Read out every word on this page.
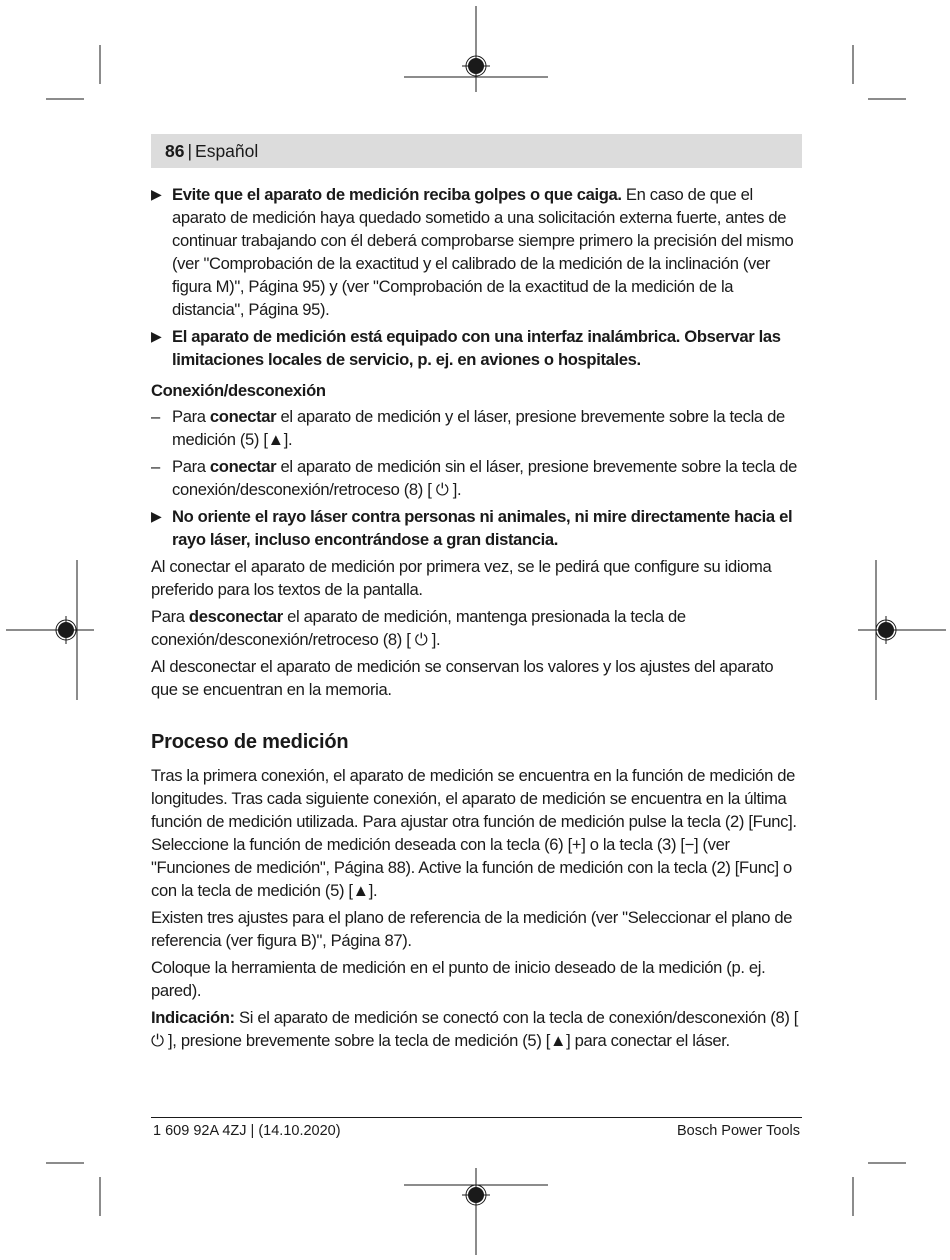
86 | Español
▶ Evite que el aparato de medición reciba golpes o que caiga. En caso de que el aparato de medición haya quedado sometido a una solicitación externa fuerte, antes de continuar trabajando con él deberá comprobarse siempre primero la precisión del mismo (ver "Comprobación de la exactitud y el calibrado de la medición de la inclinación (ver figura M)", Página 95) y (ver "Comprobación de la exactitud de la medición de la distancia", Página 95).
▶ El aparato de medición está equipado con una interfaz inalámbrica. Observar las limitaciones locales de servicio, p. ej. en aviones o hospitales.
Conexión/desconexión
– Para conectar el aparato de medición y el láser, presione brevemente sobre la tecla de medición (5) [▲].
– Para conectar el aparato de medición sin el láser, presione brevemente sobre la tecla de conexión/desconexión/retroceso (8) [ ⏻ ].
▶ No oriente el rayo láser contra personas ni animales, ni mire directamente hacia el rayo láser, incluso encontrándose a gran distancia.

Al conectar el aparato de medición por primera vez, se le pedirá que configure su idioma preferido para los textos de la pantalla.

Para desconectar el aparato de medición, mantenga presionada la tecla de conexión/desconexión/retroceso (8) [ ⏻ ].

Al desconectar el aparato de medición se conservan los valores y los ajustes del aparato que se encuentran en la memoria.

Proceso de medición

Tras la primera conexión, el aparato de medición se encuentra en la función de medición de longitudes. Tras cada siguiente conexión, el aparato de medición se encuentra en la última función de medición utilizada. Para ajustar otra función de medición pulse la tecla (2) [Func]. Seleccione la función de medición deseada con la tecla (6) [+] o la tecla (3) [−] (ver "Funciones de medición", Página 88). Active la función de medición con la tecla (2) [Func] o con la tecla de medición (5) [▲].

Existen tres ajustes para el plano de referencia de la medición (ver "Seleccionar el plano de referencia (ver figura B)", Página 87).

Coloque la herramienta de medición en el punto de inicio deseado de la medición (p. ej. pared).

Indicación: Si el aparato de medición se conectó con la tecla de conexión/desconexión (8) [ ⏻ ], presione brevemente sobre la tecla de medición (5) [▲] para conectar el láser.

1 609 92A 4ZJ | (14.10.2020)	Bosch Power Tools
